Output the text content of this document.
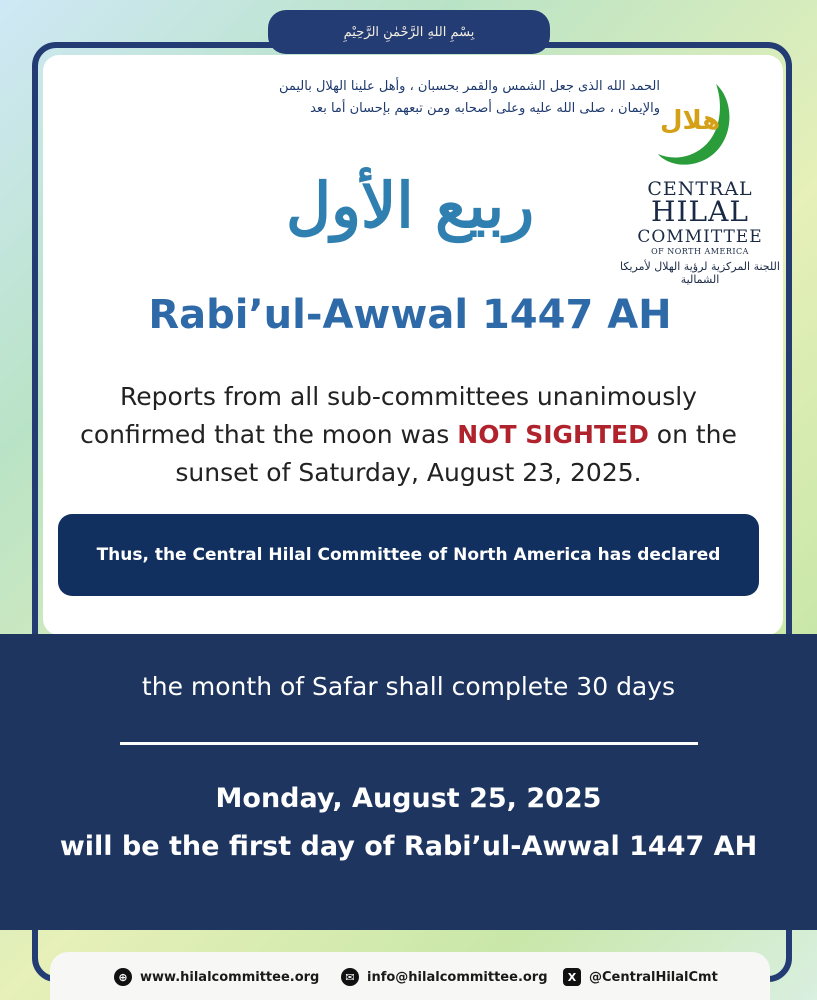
بِسْمِ اللهِ الرَّحْمٰنِ الرَّحِيْمِ
الحمد الله الذى جعل الشمس والقمر بحسبان ، وأهل علينا الهلال باليمن
والإيمان ، صلى الله عليه وعلى أصحابه ومن تبعهم بإحسان أما بعد
ربيع الأول
هلال
CENTRAL
HILAL
COMMITTEE
OF NORTH AMERICA
اللجنة المركزية لرؤية الهلال لأمريكا الشمالية
Rabi’ul-Awwal 1447 AH
Reports from all sub-committees unanimously
confirmed that the moon was NOT SIGHTED on the
sunset of Saturday, August 23, 2025.
Thus, the Central Hilal Committee of North America has declared
the month of Safar shall complete 30 days
Monday, August 25, 2025
will be the first day of Rabi’ul-Awwal 1447 AH
⊕ www.hilalcommittee.org	✉ info@hilalcommittee.org	X @CentralHilalCmt
